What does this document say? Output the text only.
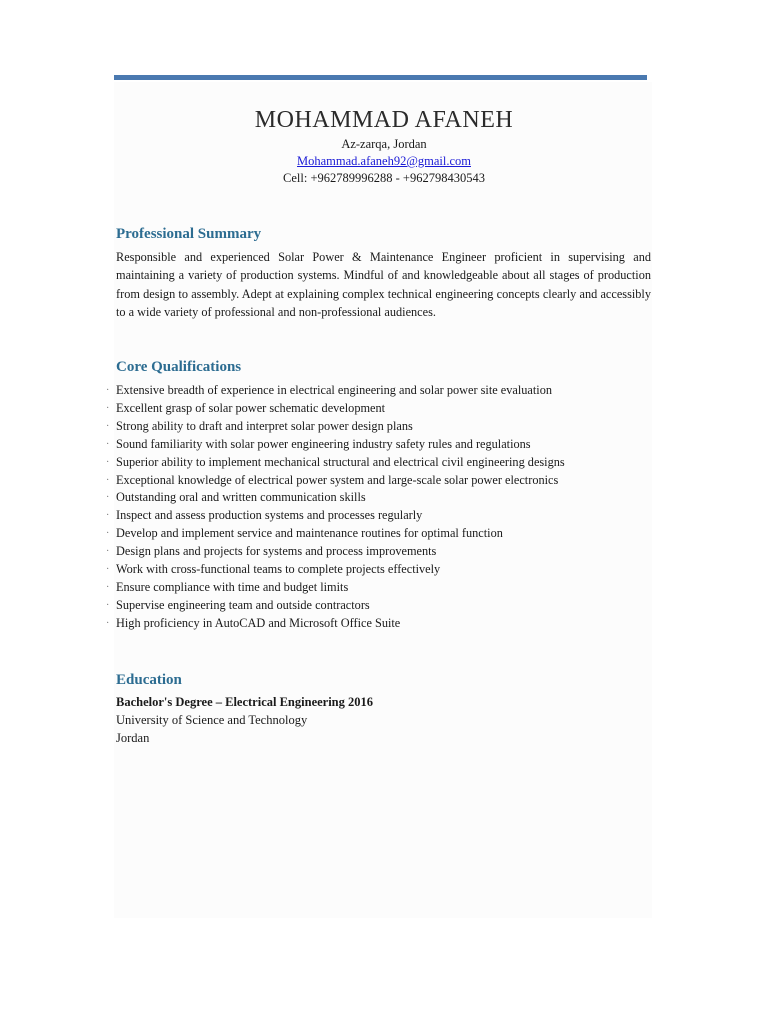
MOHAMMAD AFANEH
Az-zarqa, Jordan
Mohammad.afaneh92@gmail.com
Cell: +962789996288 - +962798430543
Professional Summary

Responsible and experienced Solar Power & Maintenance Engineer proficient in supervising and maintaining a variety of production systems. Mindful of and knowledgeable about all stages of production from design to assembly. Adept at explaining complex technical engineering concepts clearly and accessibly to a wide variety of professional and non-professional audiences.

Core Qualifications
· Extensive breadth of experience in electrical engineering and solar power site evaluation
· Excellent grasp of solar power schematic development
· Strong ability to draft and interpret solar power design plans
· Sound familiarity with solar power engineering industry safety rules and regulations
· Superior ability to implement mechanical structural and electrical civil engineering designs
· Exceptional knowledge of electrical power system and large-scale solar power electronics
· Outstanding oral and written communication skills
· Inspect and assess production systems and processes regularly
· Develop and implement service and maintenance routines for optimal function
· Design plans and projects for systems and process improvements
· Work with cross-functional teams to complete projects effectively
· Ensure compliance with time and budget limits
· Supervise engineering team and outside contractors
· High proficiency in AutoCAD and Microsoft Office Suite
Education
Bachelor's Degree – Electrical Engineering 2016
University of Science and Technology
Jordan
